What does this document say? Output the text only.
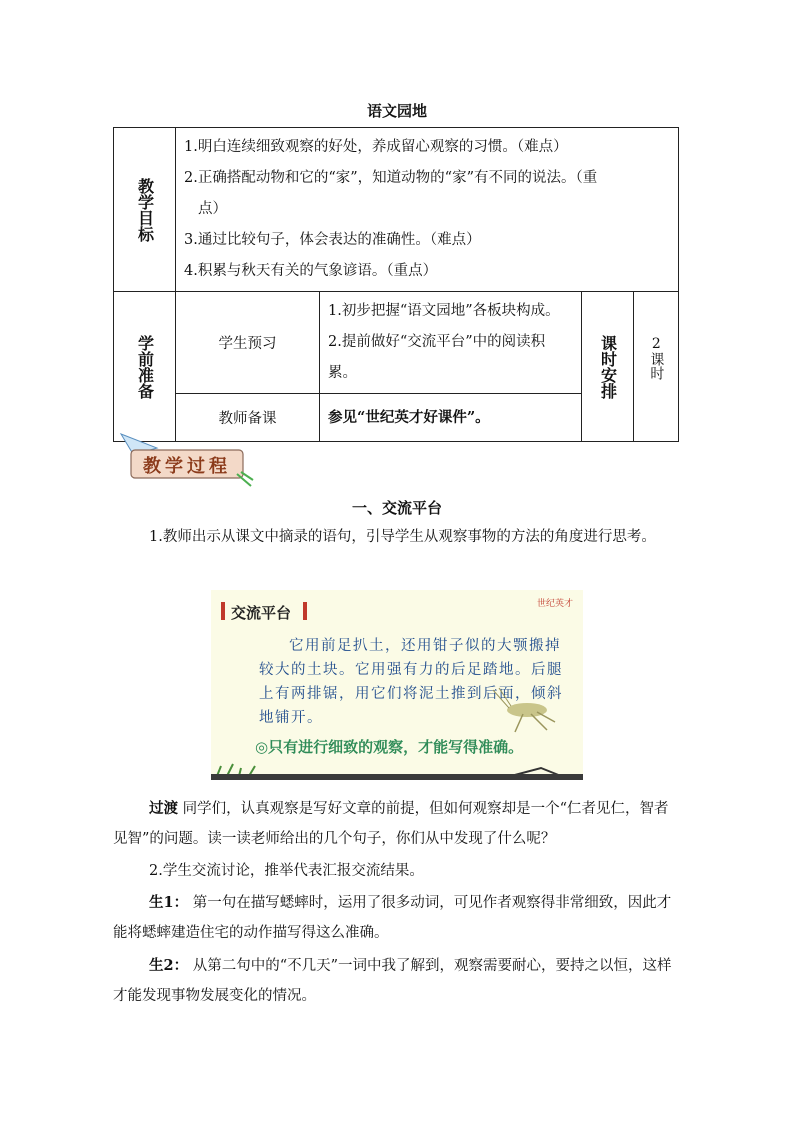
语文园地
教学目标	1.明白连续细致观察的好处，养成留心观察的习惯。（难点）
2.正确搭配动物和它的“家”，知道动物的“家”有不同的说法。（重
点）
3.通过比较句子，体会表达的准确性。（难点）
4.积累与秋天有关的气象谚语。（重点）			

学前准备	学生预习	1.初步把握“语文园地”各板块构成。
2.提前做好“交流平台”中的阅读积
累。	课时安排	2课时

	教师备课	参见“世纪英才好课件”。		
教学过程
一、交流平台
1.教师出示从课文中摘录的语句，引导学生从观察事物的方法的角度进行思考。
交流平台	世纪英才
它用前足扒土，还用钳子似的大颚搬掉较大的土块。它用强有力的后足踏地。后腿上有两排锯，用它们将泥土推到后面，倾斜地铺开。
◎只有进行细致的观察，才能写得准确。
过渡 同学们，认真观察是写好文章的前提，但如何观察却是一个“仁者见仁，智者见智”的问题。读一读老师给出的几个句子，你们从中发现了什么呢？
2.学生交流讨论，推举代表汇报交流结果。
生1： 第一句在描写蟋蟀时，运用了很多动词，可见作者观察得非常细致，因此才能将蟋蟀建造住宅的动作描写得这么准确。
生2： 从第二句中的“不几天”一词中我了解到，观察需要耐心，要持之以恒，这样才能发现事物发展变化的情况。
